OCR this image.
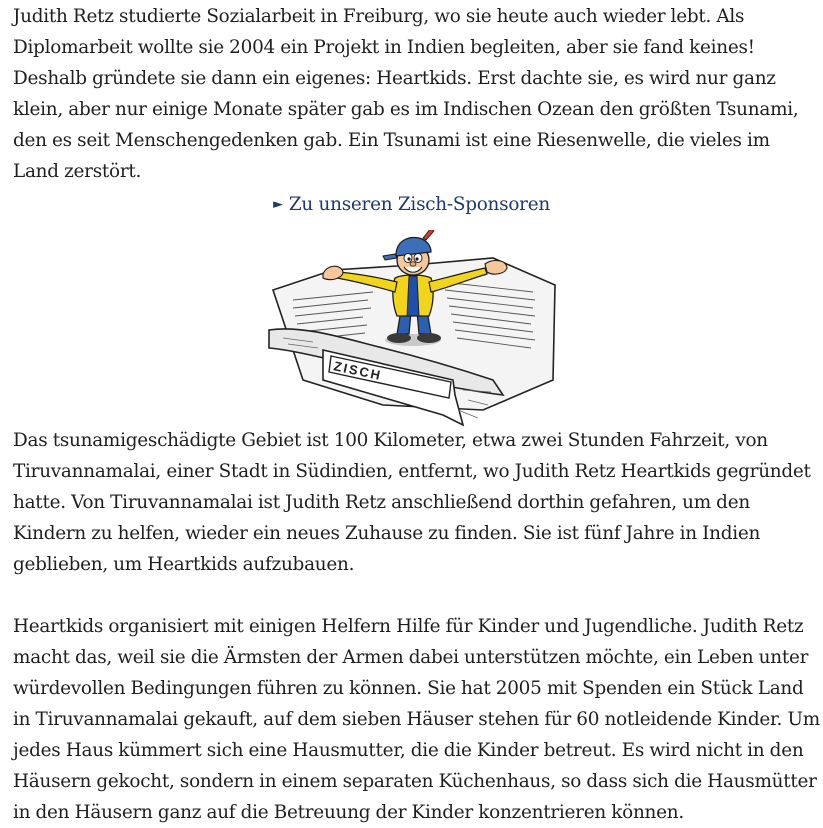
Judith Retz studierte Sozialarbeit in Freiburg, wo sie heute auch wieder lebt. Als Diplomarbeit wollte sie 2004 ein Projekt in Indien begleiten, aber sie fand keines! Deshalb gründete sie dann ein eigenes: Heartkids. Erst dachte sie, es wird nur ganz klein, aber nur einige Monate später gab es im Indischen Ozean den größten Tsunami, den es seit Menschengedenken gab. Ein Tsunami ist eine Riesenwelle, die vieles im Land zerstört.

► Zu unseren Zisch-Sponsoren
ZISCH

Das tsunamigeschädigte Gebiet ist 100 Kilometer, etwa zwei Stunden Fahrzeit, von Tiruvannamalai, einer Stadt in Südindien, entfernt, wo Judith Retz Heartkids gegründet hatte. Von Tiruvannamalai ist Judith Retz anschließend dorthin gefahren, um den Kindern zu helfen, wieder ein neues Zuhause zu finden. Sie ist fünf Jahre in Indien geblieben, um Heartkids aufzubauen.

Heartkids organisiert mit einigen Helfern Hilfe für Kinder und Jugendliche. Judith Retz macht das, weil sie die Ärmsten der Armen dabei unterstützen möchte, ein Leben unter würdevollen Bedingungen führen zu können. Sie hat 2005 mit Spenden ein Stück Land in Tiruvannamalai gekauft, auf dem sieben Häuser stehen für 60 notleidende Kinder. Um jedes Haus kümmert sich eine Hausmutter, die die Kinder betreut. Es wird nicht in den Häusern gekocht, sondern in einem separaten Küchenhaus, so dass sich die Hausmütter in den Häusern ganz auf die Betreuung der Kinder konzentrieren können.
